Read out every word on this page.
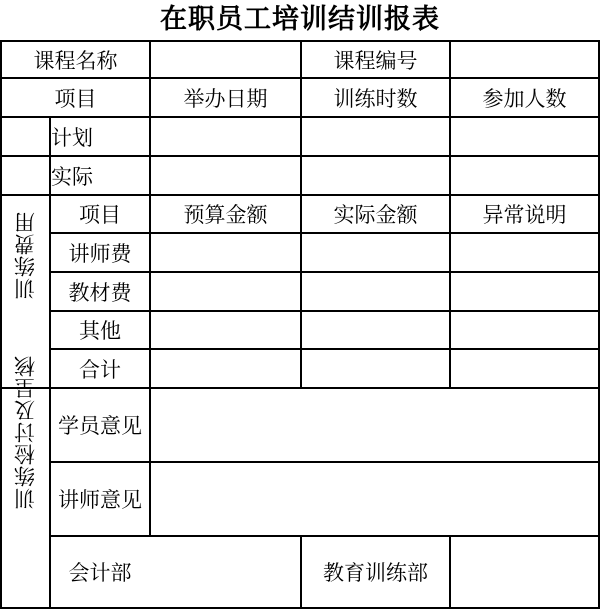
在职员工培训结训报表
课程名称	课程编号
项目	举办日期	训练时数	参加人数
计划
实际
训练费用
训练检讨及呈核
项目	预算金额	实际金额	异常说明
讲师费
教材费
其他
合计
学员意见
讲师意见
会计部	教育训练部
